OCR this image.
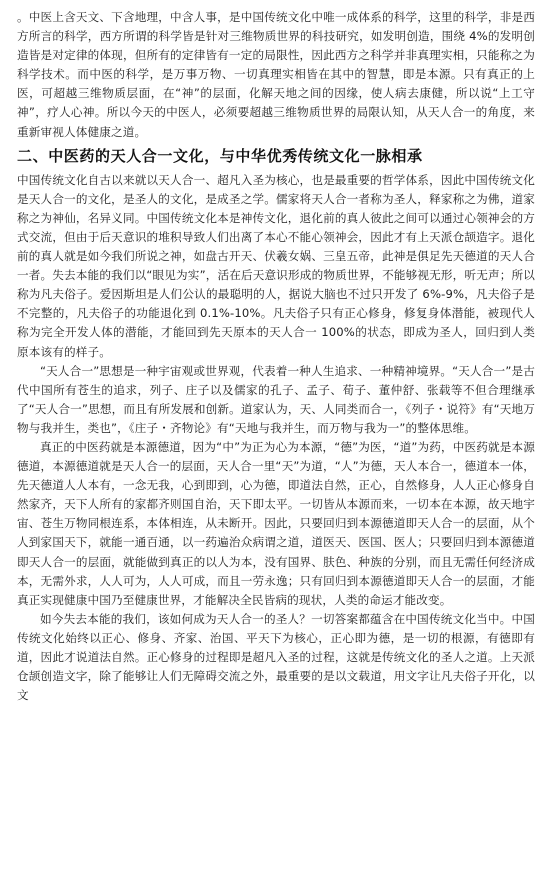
。中医上含天文、下含地理，中含人事，是中国传统文化中唯一成体系的科学，这里的科学，非是西方所言的科学，西方所谓的科学皆是针对三维物质世界的科技研究，如发明创造，围绕 4%的发明创造皆是对定律的体现，但所有的定律皆有一定的局限性，因此西方之科学并非真理实相，只能称之为科学技术。而中医的科学，是万事万物、一切真理实相皆在其中的智慧，即是本源。只有真正的上医，可超越三维物质层面，在“神”的层面，化解天地之间的因缘，使人病去康健，所以说“上工守神”，疗人心神。所以今天的中医人，必须要超越三维物质世界的局限认知，从天人合一的角度，来重新审视人体健康之道。

二、中医药的天人合一文化，与中华优秀传统文化一脉相承

中国传统文化自古以来就以天人合一、超凡入圣为核心，也是最重要的哲学体系，因此中国传统文化是天人合一的文化，是圣人的文化，是成圣之学。儒家将天人合一者称为圣人，释家称之为佛，道家称之为神仙，名异义同。中国传统文化本是神传文化，退化前的真人彼此之间可以通过心领神会的方式交流，但由于后天意识的堆积导致人们出离了本心不能心领神会，因此才有上天派仓颉造字。退化前的真人就是如今我们所说之神，如盘古开天、伏羲女娲、三皇五帝，此神是俱足先天德道的天人合一者。失去本能的我们以“眼见为实”，活在后天意识形成的物质世界，不能够视无形，听无声；所以称为凡夫俗子。爱因斯坦是人们公认的最聪明的人，据说大脑也不过只开发了 6%-9%，凡夫俗子是不完整的，凡夫俗子的功能退化到 0.1%-10%。凡夫俗子只有正心修身，修复身体潜能，被现代人称为完全开发人体的潜能，才能回到先天原本的天人合一 100%的状态，即成为圣人，回归到人类原本该有的样子。

“天人合一”思想是一种宇宙观或世界观，代表着一种人生追求、一种精神境界。“天人合一”是古代中国所有苍生的追求，列子、庄子以及儒家的孔子、孟子、荀子、董仲舒、张载等不但合理继承了“天人合一”思想，而且有所发展和创新。道家认为，天、人同类而合一，《列子・说符》有“天地万物与我并生，类也”，《庄子・齐物论》有“天地与我并生，而万物与我为一”的整体思维。

真正的中医药就是本源德道，因为“中”为正为心为本源，“德”为医，“道”为药，中医药就是本源德道，本源德道就是天人合一的层面，天人合一里“天”为道，“人”为德，天人本合一，德道本一体，先天德道人人本有，一念无我，心到即到，心为德，即道法自然，正心，自然修身，人人正心修身自然家齐，天下人所有的家都齐则国自治，天下即太平。一切皆从本源而来，一切本在本源，故天地宇宙、苍生万物同根连系，本体相连，从未断开。因此，只要回归到本源德道即天人合一的层面，从个人到家国天下，就能一通百通，以一药遍治众病谓之道，道医天、医国、医人；只要回归到本源德道即天人合一的层面，就能做到真正的以人为本，没有国界、肤色、种族的分别，而且无需任何经济成本，无需外求，人人可为，人人可成，而且一劳永逸；只有回归到本源德道即天人合一的层面，才能真正实现健康中国乃至健康世界，才能解决全民皆病的现状，人类的命运才能改变。

如今失去本能的我们，该如何成为天人合一的圣人？一切答案都蕴含在中国传统文化当中。中国传统文化始终以正心、修身、齐家、治国、平天下为核心，正心即为德，是一切的根源，有德即有道，因此才说道法自然。正心修身的过程即是超凡入圣的过程，这就是传统文化的圣人之道。上天派仓颉创造文字，除了能够让人们无障碍交流之外，最重要的是以文载道，用文字让凡夫俗子开化，以文
